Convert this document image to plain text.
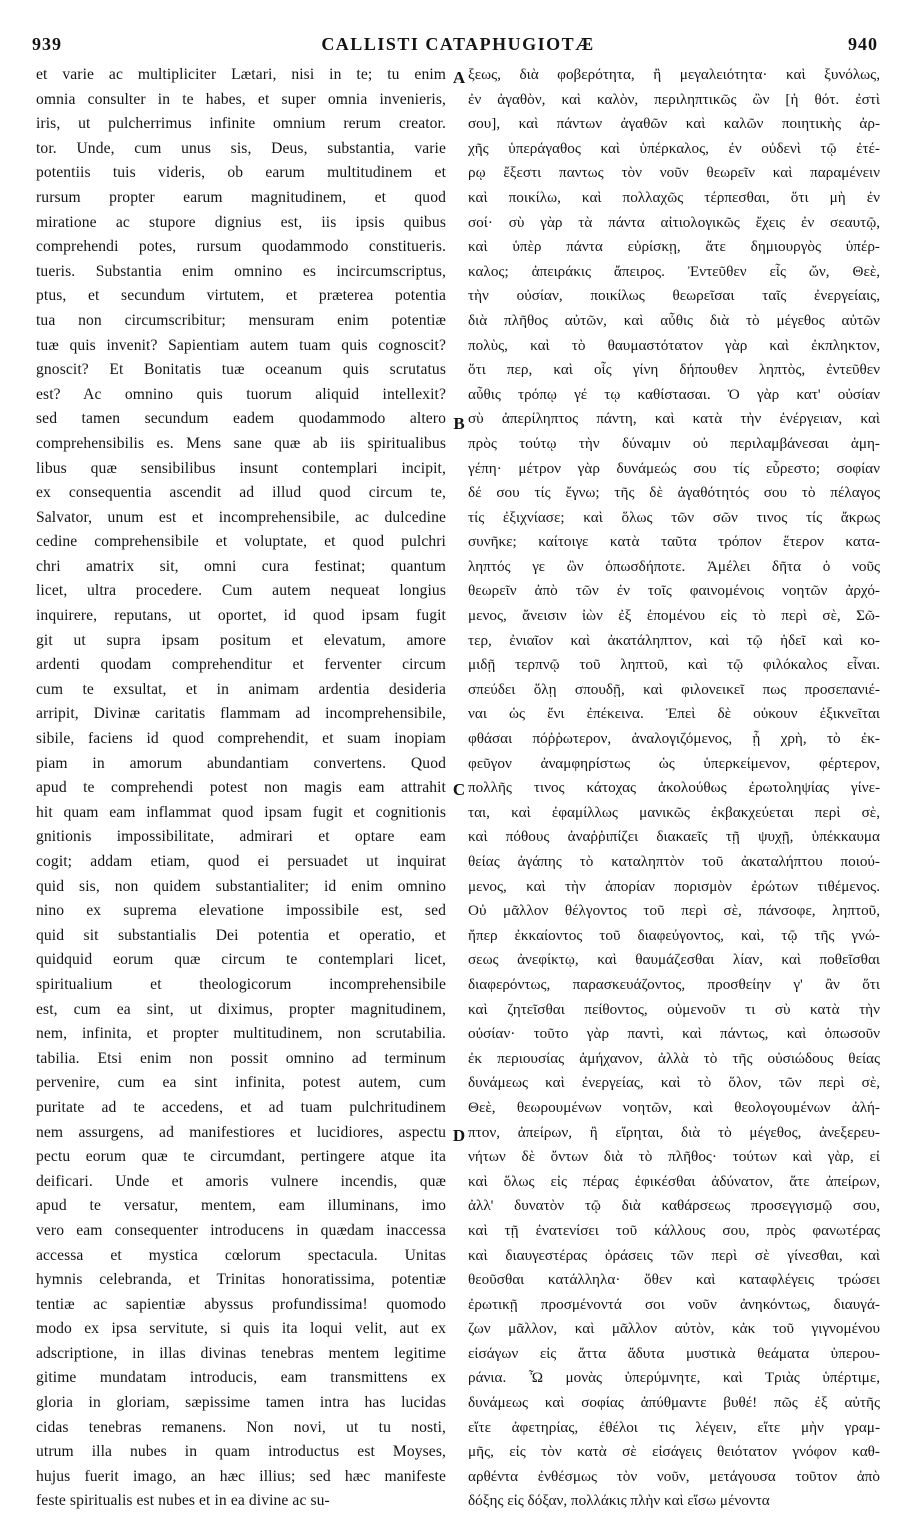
939	CALLISTI CATAPHUGIOTÆ	940
et varie ac multipliciter Lætari, nisi in te; tu enim
omnia consulter in te habes, et super omnia invenieris,
iris, ut pulcherrimus infinite omnium rerum creator.
tor. Unde, cum unus sis, Deus, substantia, varie
potentiis tuis videris, ob earum multitudinem et
rursum propter earum magnitudinem, et quod
miratione ac stupore dignius est, iis ipsis quibus
comprehendi potes, rursum quodammodo constitueris.
tueris. Substantia enim omnino es incircumscriptus,
ptus, et secundum virtutem, et præterea potentia
tua non circumscribitur; mensuram enim potentiæ
tuæ quis invenit? Sapientiam autem tuam quis cognoscit?
gnoscit? Et Bonitatis tuæ oceanum quis scrutatus
est? Ac omnino quis tuorum aliquid intellexit?
sed tamen secundum eadem quodammodo altero
comprehensibilis es. Mens sane quæ ab iis spiritualibus
libus quæ sensibilibus insunt contemplari incipit,
ex consequentia ascendit ad illud quod circum te,
Salvator, unum est et incomprehensibile, ac dulcedine
cedine comprehensibile et voluptate, et quod pulchri
chri amatrix sit, omni cura festinat; quantum
licet, ultra procedere. Cum autem nequeat longius
inquirere, reputans, ut oportet, id quod ipsam fugit
git ut supra ipsam positum et elevatum, amore
ardenti quodam comprehenditur et ferventer circum
cum te exsultat, et in animam ardentia desideria
arripit, Divinæ caritatis flammam ad incomprehensibile,
sibile, faciens id quod comprehendit, et suam inopiam
piam in amorum abundantiam convertens. Quod
apud te comprehendi potest non magis eam attrahit
hit quam eam inflammat quod ipsam fugit et cognitionis
gnitionis impossibilitate, admirari et optare eam
cogit; addam etiam, quod ei persuadet ut inquirat
quid sis, non quidem substantialiter; id enim omnino
nino ex suprema elevatione impossibile est, sed
quid sit substantialis Dei potentia et operatio, et
quidquid eorum quæ circum te contemplari licet,
spiritualium et theologicorum incomprehensibile
est, cum ea sint, ut diximus, propter magnitudinem,
nem, infinita, et propter multitudinem, non scrutabilia.
tabilia. Etsi enim non possit omnino ad terminum
pervenire, cum ea sint infinita, potest autem, cum
puritate ad te accedens, et ad tuam pulchritudinem
nem assurgens, ad manifestiores et lucidiores, aspectu
pectu eorum quæ te circumdant, pertingere atque ita
deificari. Unde et amoris vulnere incendis, quæ
apud te versatur, mentem, eam illuminans, imo
vero eam consequenter introducens in quædam inaccessa
accessa et mystica cœlorum spectacula. Unitas
hymnis celebranda, et Trinitas honoratissima, potentiæ
tentiæ ac sapientiæ abyssus profundissima! quomodo
modo ex ipsa servitute, si quis ita loqui velit, aut ex
adscriptione, in illas divinas tenebras mentem legitime
gitime mundatam introducis, eam transmittens ex
gloria in gloriam, sæpissime tamen intra has lucidas
cidas tenebras remanens. Non novi, ut tu nosti,
utrum illa nubes in quam introductus est Moyses,
hujus fuerit imago, an hæc illius; sed hæc manifeste
feste spiritualis est nubes et in ea divine ac su-
ξεως, διὰ φοβερότητα, ἢ μεγαλειότητα· καὶ ξυνόλως,
ἐν ἀγαθὸν, καὶ καλὸν, περιληπτικῶς ὢν [ἡ θότ. ἐστὶ
σου], καὶ πάντων ἀγαθῶν καὶ καλῶν ποιητικὴς ἀρ-
χῆς ὑπεράγαθος καὶ ὑπέρκαλος, ἐν οὐδενὶ τῷ ἐτέ-
ρῳ ἔξεστι παντως τὸν νοῦν θεωρεῖν καὶ παραμένειν
καὶ ποικίλω, καὶ πολλαχῶς τέρπεσθαι, ὅτι μὴ ἐν
σοί· σὺ γὰρ τὰ πάντα αἰτιολογικῶς ἔχεις ἐν σεαυτῷ,
καὶ ὑπὲρ πάντα εὑρίσκῃ, ἅτε δημιουργὸς ὑπέρ-
καλος; ἀπειράκις ἄπειρος. Ἐντεῦθεν εἷς ὤν, Θεὲ,
τὴν οὐσίαν, ποικίλως θεωρεῖσαι ταῖς ἐνεργείαις,
διὰ πλῆθος αὐτῶν, καὶ αὖθις διὰ τὸ μέγεθος αὐτῶν
πολὺς, καὶ τὸ θαυμαστότατον γὰρ καὶ ἐκπληκτον,
ὅτι περ, καὶ οἷς γίνη δήπουθεν ληπτὸς, ἐντεῦθεν
αὖθις τρόπῳ γέ τῳ καθίστασαι. Ὁ γὰρ κατ' οὐσίαν
σὺ ἀπερίληπτος πάντη, καὶ κατὰ τὴν ἐνέργειαν, καὶ
πρὸς τούτῳ τὴν δύναμιν οὐ περιλαμβάνεσαι ἁμη-
γέπη· μέτρον γὰρ δυνάμεώς σου τίς εὗρεστο; σοφίαν
δέ σου τίς ἔγνω; τῆς δὲ ἀγαθότητός σου τὸ πέλαγος
τίς ἐξιχνίασε; καὶ ὅλως τῶν σῶν τινος τίς ἄκρως
συνῆκε; καίτοιγε κατὰ ταῦτα τρόπον ἕτερον κατα-
ληπτός γε ὢν ὁπωσδήποτε. Ἀμέλει δῆτα ὁ νοῦς
θεωρεῖν ἀπὸ τῶν ἐν τοῖς φαινομένοις νοητῶν ἀρχό-
μενος, ἄνεισιν ἰὼν ἐξ ἑπομένου εἰς τὸ περὶ σὲ, Σῶ-
τερ, ἐνιαῖον καὶ ἀκατάληπτον, καὶ τῷ ἡδεῖ καὶ κο-
μιδῇ τερπνῷ τοῦ ληπτοῦ, καὶ τῷ φιλόκαλος εἶναι.
σπεύδει ὅλῃ σπουδῇ, καὶ φιλονεικεῖ πως προσεπανιέ-
ναι ὡς ἔνι ἐπέκεινα. Ἐπεὶ δὲ οὐκουν ἐξικνεῖται
φθάσαι πόῤῥωτερον, ἀναλογιζόμενος, ᾗ χρὴ, τὸ ἐκ-
φεῦγον ἀναμφηρίστως ὡς ὑπερκείμενον, φέρτερον,
πολλῆς τινος κάτοχας ἀκολούθως ἐρωτοληψίας γίνε-
ται, καὶ ἐφαμίλλως μανικῶς ἐκβακχεύεται περὶ σὲ,
καὶ πόθους ἀναῤῥιπίζει διακαεῖς τῇ ψυχῇ, ὑπέκκαυμα
θείας ἀγάπης τὸ καταληπτὸν τοῦ ἀκαταλήπτου ποιού-
μενος, καὶ τὴν ἀπορίαν πορισμὸν ἐρώτων τιθέμενος.
Οὐ μᾶλλον θέλγοντος τοῦ περὶ σὲ, πάνσοφε, ληπτοῦ,
ἤπερ ἐκκαίοντος τοῦ διαφεύγοντος, καὶ, τῷ τῆς γνώ-
σεως ἀνεφίκτῳ, καὶ θαυμάζεσθαι λίαν, καὶ ποθεῖσθαι
διαφερόντως, παρασκευάζοντος, προσθείην γ' ἂν ὅτι
καὶ ζητεῖσθαι πείθοντος, οὐμενοῦν τι σὺ κατὰ τὴν
οὐσίαν· τοῦτο γὰρ παντὶ, καὶ πάντως, καὶ ὁπωσοῦν
ἐκ περιουσίας ἀμήχανον, ἀλλὰ τὸ τῆς οὐσιώδους θείας
δυνάμεως καὶ ἐνεργείας, καὶ τὸ ὅλον, τῶν περὶ σὲ,
Θεὲ, θεωρουμένων νοητῶν, καὶ θεολογουμένων ἀλή-
πτον, ἀπείρων, ἢ εἴρηται, διὰ τὸ μέγεθος, ἀνεξερευ-
νήτων δὲ ὄντων διὰ τὸ πλῆθος· τούτων καὶ γὰρ, εἰ
καὶ ὅλως εἰς πέρας ἐφικέσθαι ἀδύνατον, ἅτε ἀπείρων,
ἀλλ' δυνατὸν τῷ διὰ καθάρσεως προσεγγισμῷ σου,
καὶ τῇ ἐνατενίσει τοῦ κάλλους σου, πρὸς φανωτέρας
καὶ διαυγεστέρας ὁράσεις τῶν περὶ σὲ γίνεσθαι, καὶ
θεοῦσθαι κατάλληλα· ὅθεν καὶ καταφλέγεις τρώσει
ἐρωτικῇ προσμένοντά σοι νοῦν ἀνηκόντως, διαυγά-
ζων μᾶλλον, καὶ μᾶλλον αὐτὸν, κἀκ τοῦ γιγνομένου
εἰσάγων εἰς ἄττα ἄδυτα μυστικὰ θεάματα ὑπερου-
ράνια. Ὦ μονὰς ὑπερύμνητε, καὶ Τριὰς ὑπέρτιμε,
δυνάμεως καὶ σοφίας ἀπύθμαντε βυθέ! πῶς ἐξ αὐτῆς
εἴτε ἀφετηρίας, ἐθέλοι τις λέγειν, εἴτε μὴν γραμ-
μῆς, εἰς τὸν κατὰ σὲ εἰσάγεις θειότατον γνόφον καθ-
αρθέντα ἐνθέσμως τὸν νοῦν, μετάγουσα τοῦτον ἀπὸ
δόξης εἰς δόξαν, πολλάκις πλὴν καὶ εἴσω μένοντα
A
B
C
D
